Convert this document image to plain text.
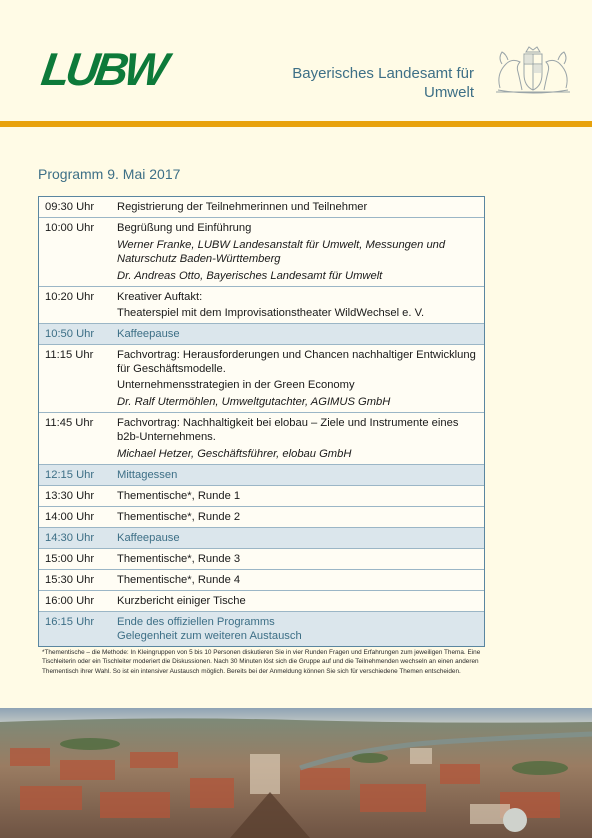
LUBW	Bayerisches Landesamt für
Umwelt
Programm 9. Mai 2017
09:30 Uhr	Registrierung der Teilnehmerinnen und Teilnehmer
10:00 Uhr	Begrüßung und Einführung
Werner Franke, LUBW Landesanstalt für Umwelt, Messungen und Naturschutz Baden-Württemberg
Dr. Andreas Otto, Bayerisches Landesamt für Umwelt
10:20 Uhr	Kreativer Auftakt:
Theaterspiel mit dem Improvisationstheater WildWechsel e. V.
10:50 Uhr	Kaffeepause
11:15 Uhr	Fachvortrag: Herausforderungen und Chancen nachhaltiger Entwicklung für Geschäftsmodelle.
Unternehmensstrategien in der Green Economy
Dr. Ralf Utermöhlen, Umweltgutachter, AGIMUS GmbH
11:45 Uhr	Fachvortrag: Nachhaltigkeit bei elobau – Ziele und Instrumente eines b2b-Unternehmens.
Michael Hetzer, Geschäftsführer, elobau GmbH
12:15 Uhr	Mittagessen
13:30 Uhr	Thementische*, Runde 1
14:00 Uhr	Thementische*, Runde 2
14:30 Uhr	Kaffeepause
15:00 Uhr	Thementische*, Runde 3
15:30 Uhr	Thementische*, Runde 4
16:00 Uhr	Kurzbericht einiger Tische
16:15 Uhr	Ende des offiziellen Programms
Gelegenheit zum weiteren Austausch
*Thementische – die Methode: In Kleingruppen von 5 bis 10 Personen diskutieren Sie in vier Runden Fragen und Erfahrungen zum jeweiligen Thema. Eine Tischleiterin oder ein Tischleiter moderiert die Diskussionen. Nach 30 Minuten löst sich die Gruppe auf und die Teilnehmenden wechseln an einen anderen Thementisch ihrer Wahl. So ist ein intensiver Austausch möglich. Bereits bei der Anmeldung können Sie sich für verschiedene Themen entscheiden.
